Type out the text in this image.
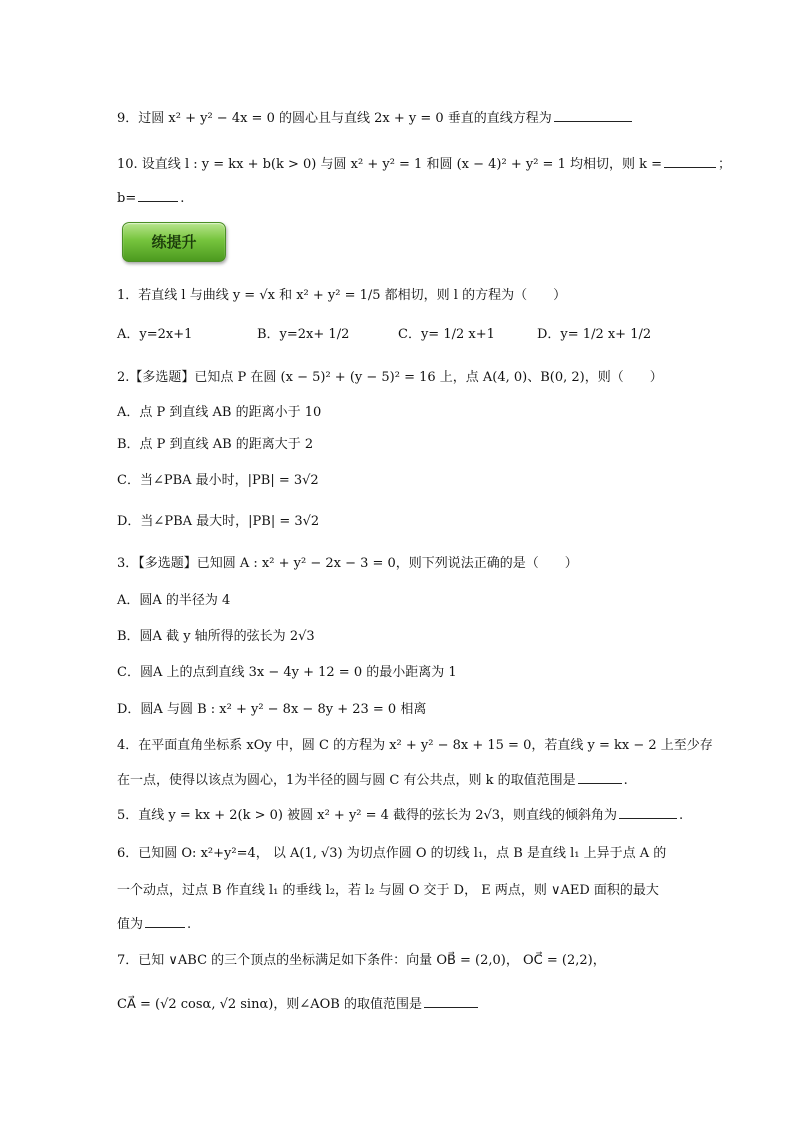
9．过圆 x² + y² − 4x = 0 的圆心且与直线 2x + y = 0 垂直的直线方程为
10. 设直线 l : y = kx + b(k > 0) 与圆 x² + y² = 1 和圆 (x − 4)² + y² = 1 均相切，则 k =	；
b=	.
练提升
1．若直线 l 与曲线 y = √x 和 x² + y² = 1/5 都相切，则 l 的方程为（　　）
A．y=2x+1	B．y=2x+ 1/2	C．y= 1/2 x+1	D．y= 1/2 x+ 1/2
2.【多选题】已知点 P 在圆 (x − 5)² + (y − 5)² = 16 上，点 A(4, 0)、B(0, 2)，则（　　）
A．点 P 到直线 AB 的距离小于 10
B．点 P 到直线 AB 的距离大于 2
C．当∠PBA 最小时，|PB| = 3√2
D．当∠PBA 最大时，|PB| = 3√2
3．【多选题】已知圆 A : x² + y² − 2x − 3 = 0，则下列说法正确的是（　　）
A．圆A 的半径为 4
B．圆A 截 y 轴所得的弦长为 2√3
C．圆A 上的点到直线 3x − 4y + 12 = 0 的最小距离为 1
D．圆A 与圆 B : x² + y² − 8x − 8y + 23 = 0 相离
4．在平面直角坐标系 xOy 中，圆 C 的方程为 x² + y² − 8x + 15 = 0，若直线 y = kx − 2 上至少存
在一点，使得以该点为圆心，1为半径的圆与圆 C 有公共点，则 k 的取值范围是	.
5．直线 y = kx + 2(k > 0) 被圆 x² + y² = 4 截得的弦长为 2√3，则直线的倾斜角为	.
6．已知圆 O: x²+y²=4， 以 A(1, √3) 为切点作圆 O 的切线 l₁，点 B 是直线 l₁ 上异于点 A 的
一个动点，过点 B 作直线 l₁ 的垂线 l₂，若 l₂ 与圆 O 交于 D， E 两点，则 ∨AED 面积的最大
值为	.
7．已知 ∨ABC 的三个顶点的坐标满足如下条件：向量 OB⃗ = (2,0)， OC⃗ = (2,2)，
CA⃗ = (√2 cosα, √2 sinα)，则∠AOB 的取值范围是
